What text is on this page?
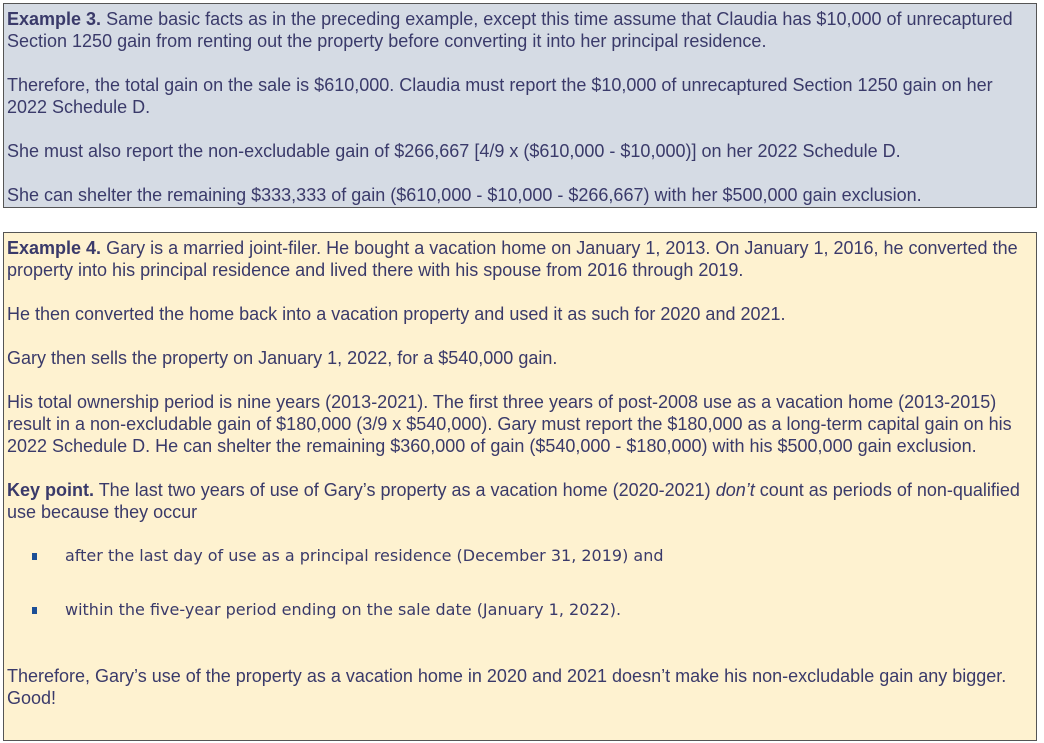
Example 3. Same basic facts as in the preceding example, except this time assume that Claudia has $10,000 of unrecaptured Section 1250 gain from renting out the property before converting it into her principal residence.

Therefore, the total gain on the sale is $610,000. Claudia must report the $10,000 of unrecaptured Section 1250 gain on her 2022 Schedule D.

She must also report the non-excludable gain of $266,667 [4/9 x ($610,000 - $10,000)] on her 2022 Schedule D.

She can shelter the remaining $333,333 of gain ($610,000 - $10,000 - $266,667) with her $500,000 gain exclusion.

Example 4. Gary is a married joint-filer. He bought a vacation home on January 1, 2013. On January 1, 2016, he converted the property into his principal residence and lived there with his spouse from 2016 through 2019.

He then converted the home back into a vacation property and used it as such for 2020 and 2021.

Gary then sells the property on January 1, 2022, for a $540,000 gain.

His total ownership period is nine years (2013-2021). The first three years of post-2008 use as a vacation home (2013-2015) result in a non-excludable gain of $180,000 (3/9 x $540,000). Gary must report the $180,000 as a long-term capital gain on his 2022 Schedule D. He can shelter the remaining $360,000 of gain ($540,000 - $180,000) with his $500,000 gain exclusion.

Key point. The last two years of use of Gary’s property as a vacation home (2020-2021) don’t count as periods of non-qualified use because they occur

after the last day of use as a principal residence (December 31, 2019) and
within the five-year period ending on the sale date (January 1, 2022).

Therefore, Gary’s use of the property as a vacation home in 2020 and 2021 doesn’t make his non-excludable gain any bigger. Good!
